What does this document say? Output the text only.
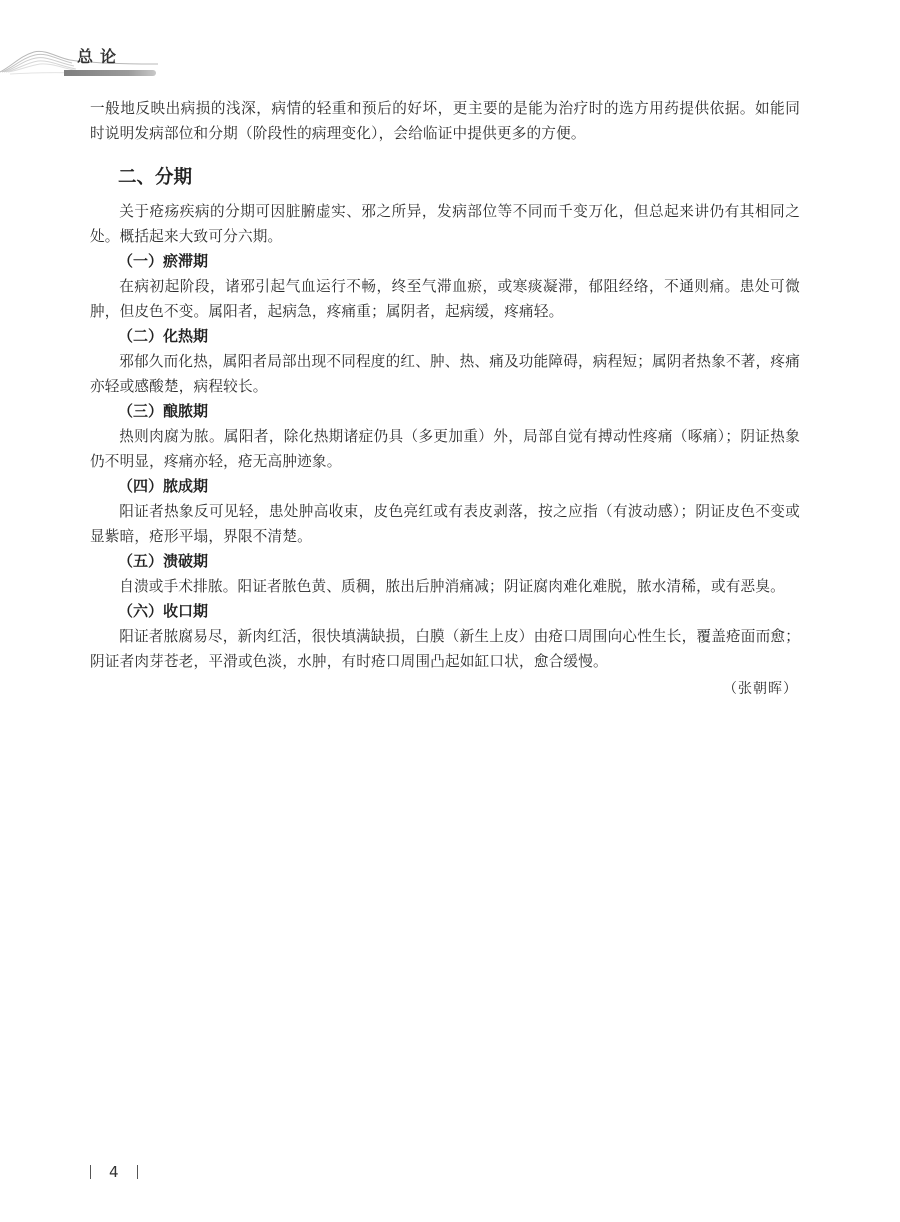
总论

一般地反映出病损的浅深，病情的轻重和预后的好坏，更主要的是能为治疗时的选方用药提供依据。如能同时说明发病部位和分期（阶段性的病理变化），会给临证中提供更多的方便。

二、分期

关于疮疡疾病的分期可因脏腑虚实、邪之所异，发病部位等不同而千变万化，但总起来讲仍有其相同之处。概括起来大致可分六期。

（一）瘀滞期

在病初起阶段，诸邪引起气血运行不畅，终至气滞血瘀，或寒痰凝滞，郁阻经络，不通则痛。患处可微肿，但皮色不变。属阳者，起病急，疼痛重；属阴者，起病缓，疼痛轻。

（二）化热期

邪郁久而化热，属阳者局部出现不同程度的红、肿、热、痛及功能障碍，病程短；属阴者热象不著，疼痛亦轻或感酸楚，病程较长。

（三）酿脓期

热则肉腐为脓。属阳者，除化热期诸症仍具（多更加重）外，局部自觉有搏动性疼痛（啄痛）；阴证热象仍不明显，疼痛亦轻，疮无高肿迹象。

（四）脓成期

阳证者热象反可见轻，患处肿高收束，皮色亮红或有表皮剥落，按之应指（有波动感）；阴证皮色不变或显紫暗，疮形平塌，界限不清楚。

（五）溃破期

自溃或手术排脓。阳证者脓色黄、质稠，脓出后肿消痛减；阴证腐肉难化难脱，脓水清稀，或有恶臭。

（六）收口期

阳证者脓腐易尽，新肉红活，很快填满缺损，白膜（新生上皮）由疮口周围向心性生长，覆盖疮面而愈；阴证者肉芽苍老，平滑或色淡，水肿，有时疮口周围凸起如缸口状，愈合缓慢。

（张朝晖）
4
